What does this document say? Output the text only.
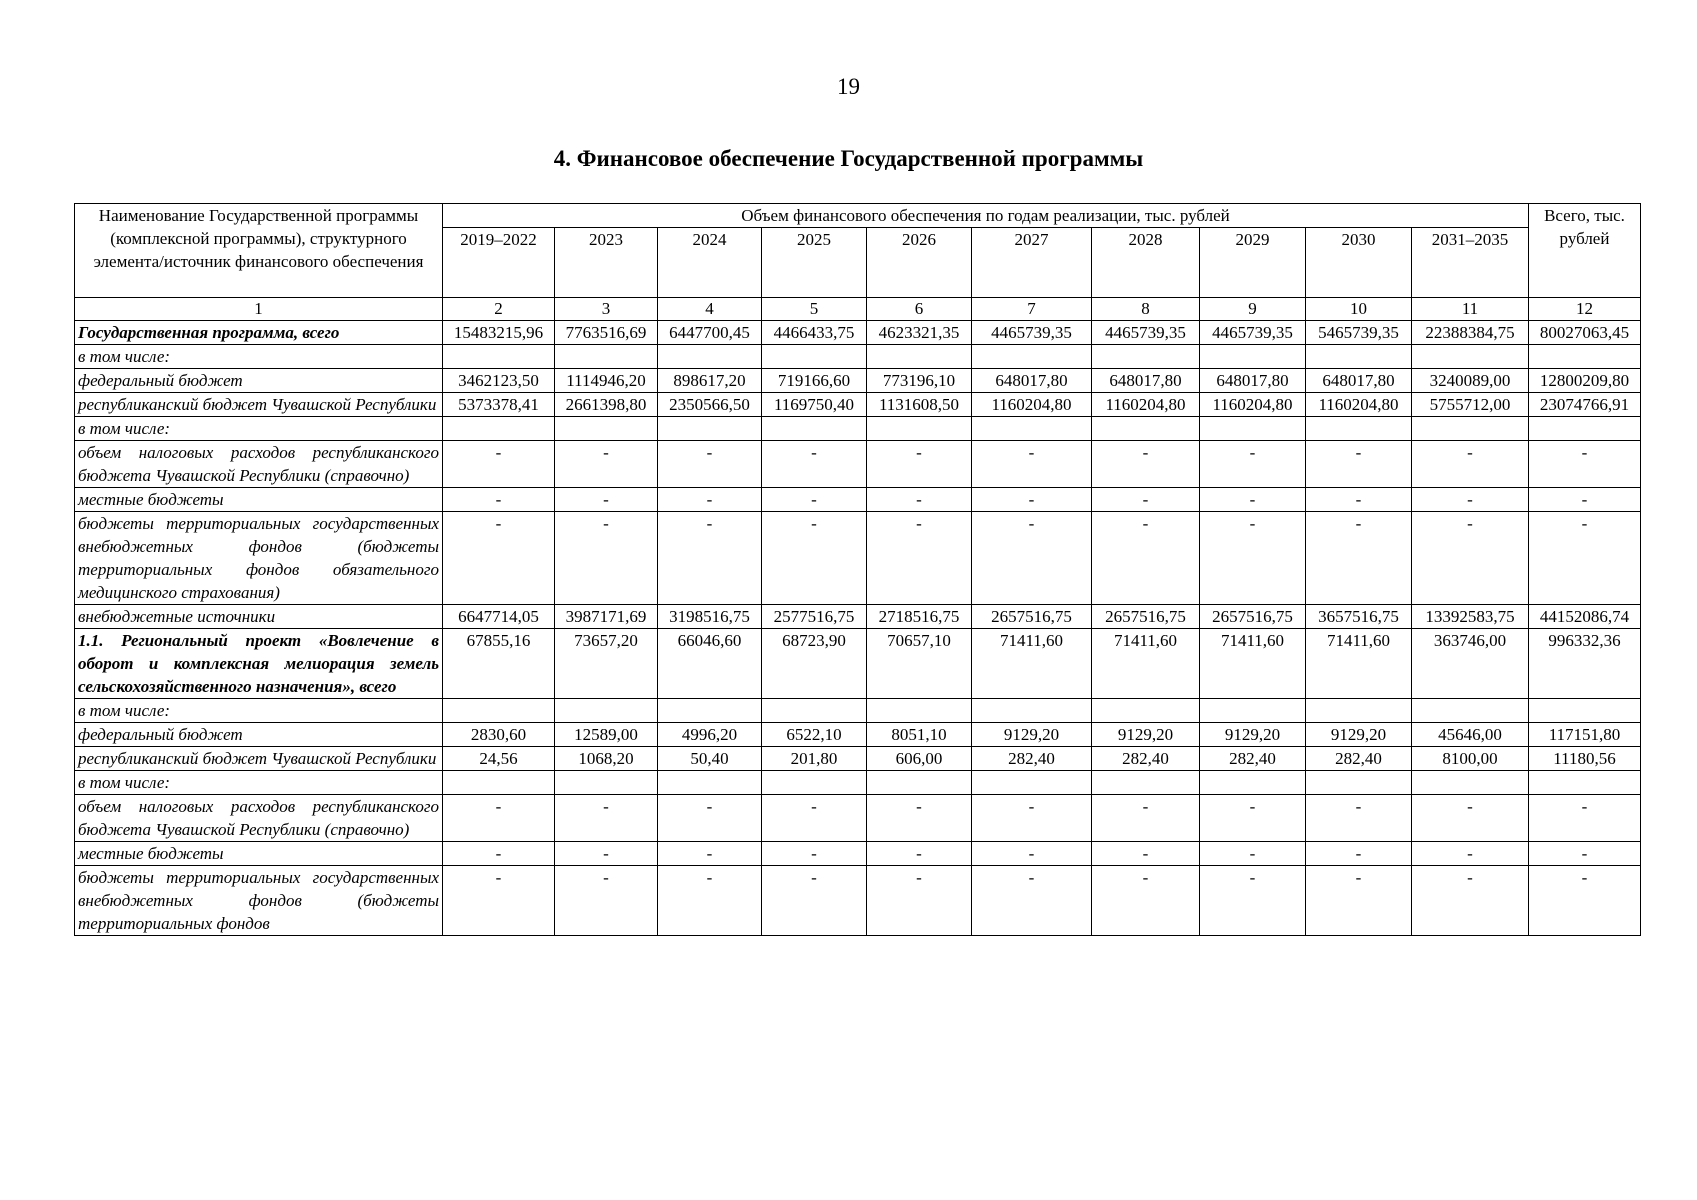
19
4. Финансовое обеспечение Государственной программы
Наименование Государственной программы (комплексной программы), структурного элемента/источник финансового обеспечения	Объем финансового обеспечения по годам реализации, тыс. рублей										Всего, тыс. рублей
	2019–2022	2023	2024	2025	2026	2027	2028	2029	2030	2031–2035	
1	2	3	4	5	6	7	8	9	10	11	12
Государственная программа, всего	15483215,96	7763516,69	6447700,45	4466433,75	4623321,35	4465739,35	4465739,35	4465739,35	5465739,35	22388384,75	80027063,45
в том числе:											
федеральный бюджет	3462123,50	1114946,20	898617,20	719166,60	773196,10	648017,80	648017,80	648017,80	648017,80	3240089,00	12800209,80
республиканский бюджет Чувашской Республики	5373378,41	2661398,80	2350566,50	1169750,40	1131608,50	1160204,80	1160204,80	1160204,80	1160204,80	5755712,00	23074766,91
в том числе:											
объем налоговых расходов республиканского бюджета Чувашской Республики (справочно)	-	-	-	-	-	-	-	-	-	-	-
местные бюджеты	-	-	-	-	-	-	-	-	-	-	-
бюджеты территориальных государственных внебюджетных фондов (бюджеты территориальных фондов обязательного медицинского страхования)	-	-	-	-	-	-	-	-	-	-	-
внебюджетные источники	6647714,05	3987171,69	3198516,75	2577516,75	2718516,75	2657516,75	2657516,75	2657516,75	3657516,75	13392583,75	44152086,74
1.1. Региональный проект «Вовлечение в оборот и комплексная мелиорация земель сельскохозяйственного назначения», всего	67855,16	73657,20	66046,60	68723,90	70657,10	71411,60	71411,60	71411,60	71411,60	363746,00	996332,36
в том числе:											
федеральный бюджет	2830,60	12589,00	4996,20	6522,10	8051,10	9129,20	9129,20	9129,20	9129,20	45646,00	117151,80
республиканский бюджет Чувашской Республики	24,56	1068,20	50,40	201,80	606,00	282,40	282,40	282,40	282,40	8100,00	11180,56
в том числе:											
объем налоговых расходов республиканского бюджета Чувашской Республики (справочно)	-	-	-	-	-	-	-	-	-	-	-
местные бюджеты	-	-	-	-	-	-	-	-	-	-	-
бюджеты территориальных государственных внебюджетных фондов (бюджеты территориальных фондов	-	-	-	-	-	-	-	-	-	-	-
